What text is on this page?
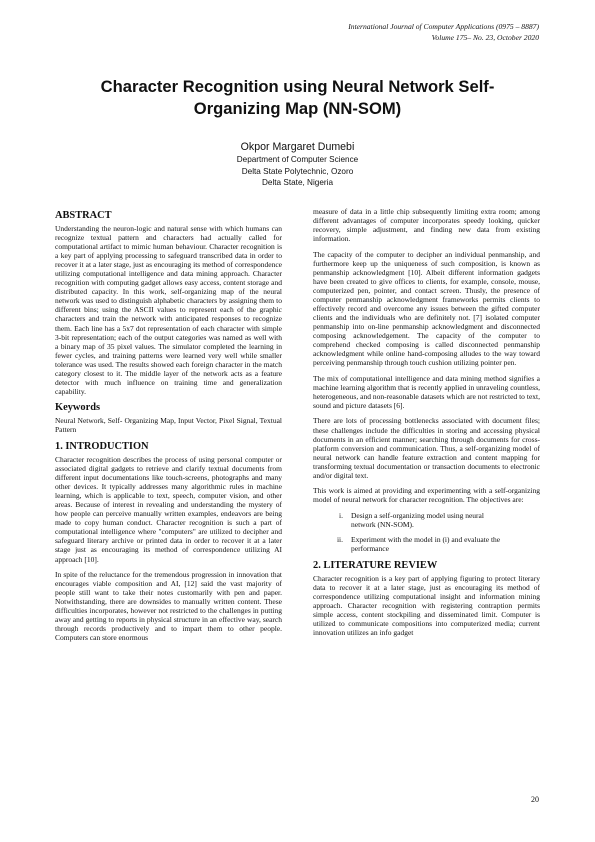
International Journal of Computer Applications (0975 – 8887)
Volume 175– No. 23, October 2020
Character Recognition using Neural Network Self-Organizing Map (NN-SOM)
Okpor Margaret Dumebi
Department of Computer Science
Delta State Polytechnic, Ozoro
Delta State, Nigeria
ABSTRACT

Understanding the neuron-logic and natural sense with which humans can recognize textual pattern and characters had actually called for computational artifact to mimic human behaviour. Character recognition is a key part of applying processing to safeguard transcribed data in order to recover it at a later stage, just as encouraging its method of correspondence utilizing computational intelligence and data mining approach. Character recognition with computing gadget allows easy access, content storage and distributed capacity. In this work, self-organizing map of the neural network was used to distinguish alphabetic characters by assigning them to different bins; using the ASCII values to represent each of the graphic characters and train the network with anticipated responses to recognize them. Each line has a 5x7 dot representation of each character with simple 3-bit representation; each of the output categories was named as well with a binary map of 35 pixel values. The simulator completed the learning in fewer cycles, and training patterns were learned very well while smaller tolerance was used. The results showed each foreign character in the match category closest to it. The middle layer of the network acts as a feature detector with much influence on training time and generalization capability.

Keywords

Neural Network, Self- Organizing Map, Input Vector, Pixel Signal, Textual Pattern

1. INTRODUCTION

Character recognition describes the process of using personal computer or associated digital gadgets to retrieve and clarify textual documents from different input documentations like touch-screens, photographs and many other devices. It typically addresses many algorithmic rules in machine learning, which is applicable to text, speech, computer vision, and other areas. Because of interest in revealing and understanding the mystery of how people can perceive manually written examples, endeavors are being made to copy human conduct. Character recognition is such a part of computational intelligence where "computers" are utilized to decipher and safeguard literary archive or printed data in order to recover it at a later stage just as encouraging its method of correspondence utilizing AI approach [10].

In spite of the reluctance for the tremendous progression in innovation that encourages viable composition and AI, [12] said the vast majority of people still want to take their notes customarily with pen and paper. Notwithstanding, there are downsides to manually written content. These difficulties incorporates, however not restricted to the challenges in putting away and getting to reports in physical structure in an effective way, search through records productively and to impart them to other people. Computers can store enormous

measure of data in a little chip subsequently limiting extra room; among different advantages of computer incorporates speedy looking, quicker recovery, simple adjustment, and finding new data from existing information.

The capacity of the computer to decipher an individual penmanship, and furthermore keep up the uniqueness of such composition, is known as penmanship acknowledgment [10]. Albeit different information gadgets have been created to give offices to clients, for example, console, mouse, computerized pen, pointer, and contact screen. Thusly, the presence of computer penmanship acknowledgment frameworks permits clients to effectively record and overcome any issues between the gifted computer clients and the individuals who are definitely not. [7] isolated computer penmanship into on-line penmanship acknowledgment and disconnected composing acknowledgement. The capacity of the computer to comprehend checked composing is called disconnected penmanship acknowledgment while online hand-composing alludes to the way toward perceiving penmanship through touch cushion utilizing pointer pen.

The mix of computational intelligence and data mining method signifies a machine learning algorithm that is recently applied in unraveling countless, heterogeneous, and non-reasonable datasets which are not restricted to text, sound and picture datasets [6].

There are lots of processing bottlenecks associated with document files; these challenges include the difficulties in storing and accessing physical documents in an efficient manner; searching through documents for cross-platform conversion and communication. Thus, a self-organizing model of neural network can handle feature extraction and content mapping for transforming textual documentation or transaction documents to electronic and/or digital text.

This work is aimed at providing and experimenting with a self-organizing model of neural network for character recognition. The objectives are:

i.	Design a self-organizing model using neural network (NN-SOM).
ii.	Experiment with the model in (i) and evaluate the performance
2. LITERATURE REVIEW

Character recognition is a key part of applying figuring to protect literary data to recover it at a later stage, just as encouraging its method of correspondence utilizing computational insight and information mining approach. Character recognition with registering contraption permits simple access, content stockpiling and disseminated limit. Computer is utilized to communicate compositions into computerized media; current innovation utilizes an info gadget

20
